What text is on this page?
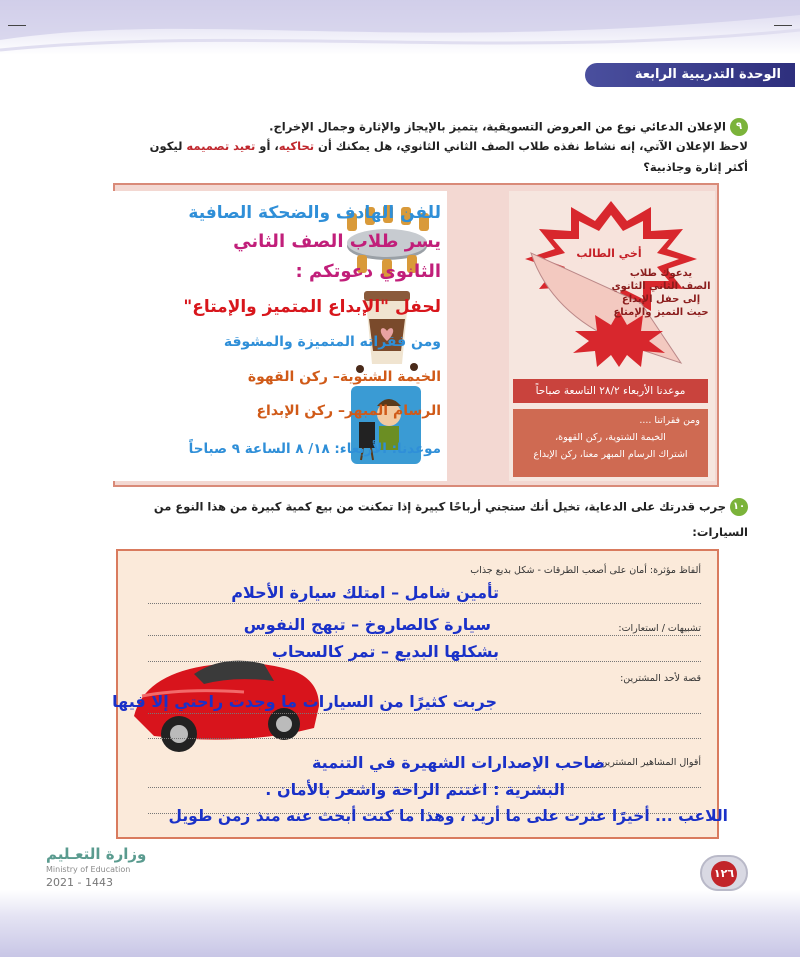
الوحدة التدريبية الرابعة
٩الإعلان الدعائي نوع من العروض التسويقية، يتميز بالإيجاز والإثارة وجمال الإخراج.
لاحظ الإعلان الآتي، إنه نشاط نفذه طلاب الصف الثاني الثانوي، هل يمكنك أن تحاكيه، أو تعيد تصميمه ليكون
أكثر إثارة وجاذبية؟
للفن الهادف والضحكة الصافية
يسر طلاب الصف الثاني
الثانوي دعوتكم :
لحفل "الإبداع المتميز والإمتاع"
ومن فقراته المتميزة والمشوقة
الخيمة الشتوية– ركن القهوة
الرسام المبهر– ركن الإبداع
موعدنا: الأربعاء: ١٨/ ٨ الساعة ٩ صباحاً
أخي الطالب
يدعوك طلاب
الصف الثاني الثانوي
إلى حفل الإبداع
حيث التميز والإمتاع
موعدنا الأربعاء ٢٨/٢ التاسعة صباحاً
ومن فقراتنا ....
الخيمة الشتوية، ركن القهوة،
اشتراك الرسام المبهر معنا، ركن الإبداع
١٠جرب قدرتك على الدعاية، تخيل أنك ستجني أرباحًا كبيرة إذا تمكنت من بيع كمية كبيرة من هذا النوع من
السيارات:
ألفاظ مؤثرة: أمان على أصعب الطرقات - شكل بديع جذاب
تأمين شامل – امتلك سيارة الأحلام
تشبيهات / استعارات:
سيارة كالصاروخ – تبهج النفوس
بشكلها البديع – تمر كالسحاب
قصة لأحد المشترين:
جربت كثيرًا من السيارات ما وجدت راحتي إلا فيها
أقوال المشاهير المشترين:
صاحب الإصدارات الشهيرة في التنمية
البشرية : اغتنم الراحة واشعر بالأمان .
اللاعب ... أخيرًا عثرت على ما أريد ، وهذا ما كنت أبحث عنه منذ زمن طويل
وزارة التعـليم
Ministry of Education
2021 - 1443
١٢٦
